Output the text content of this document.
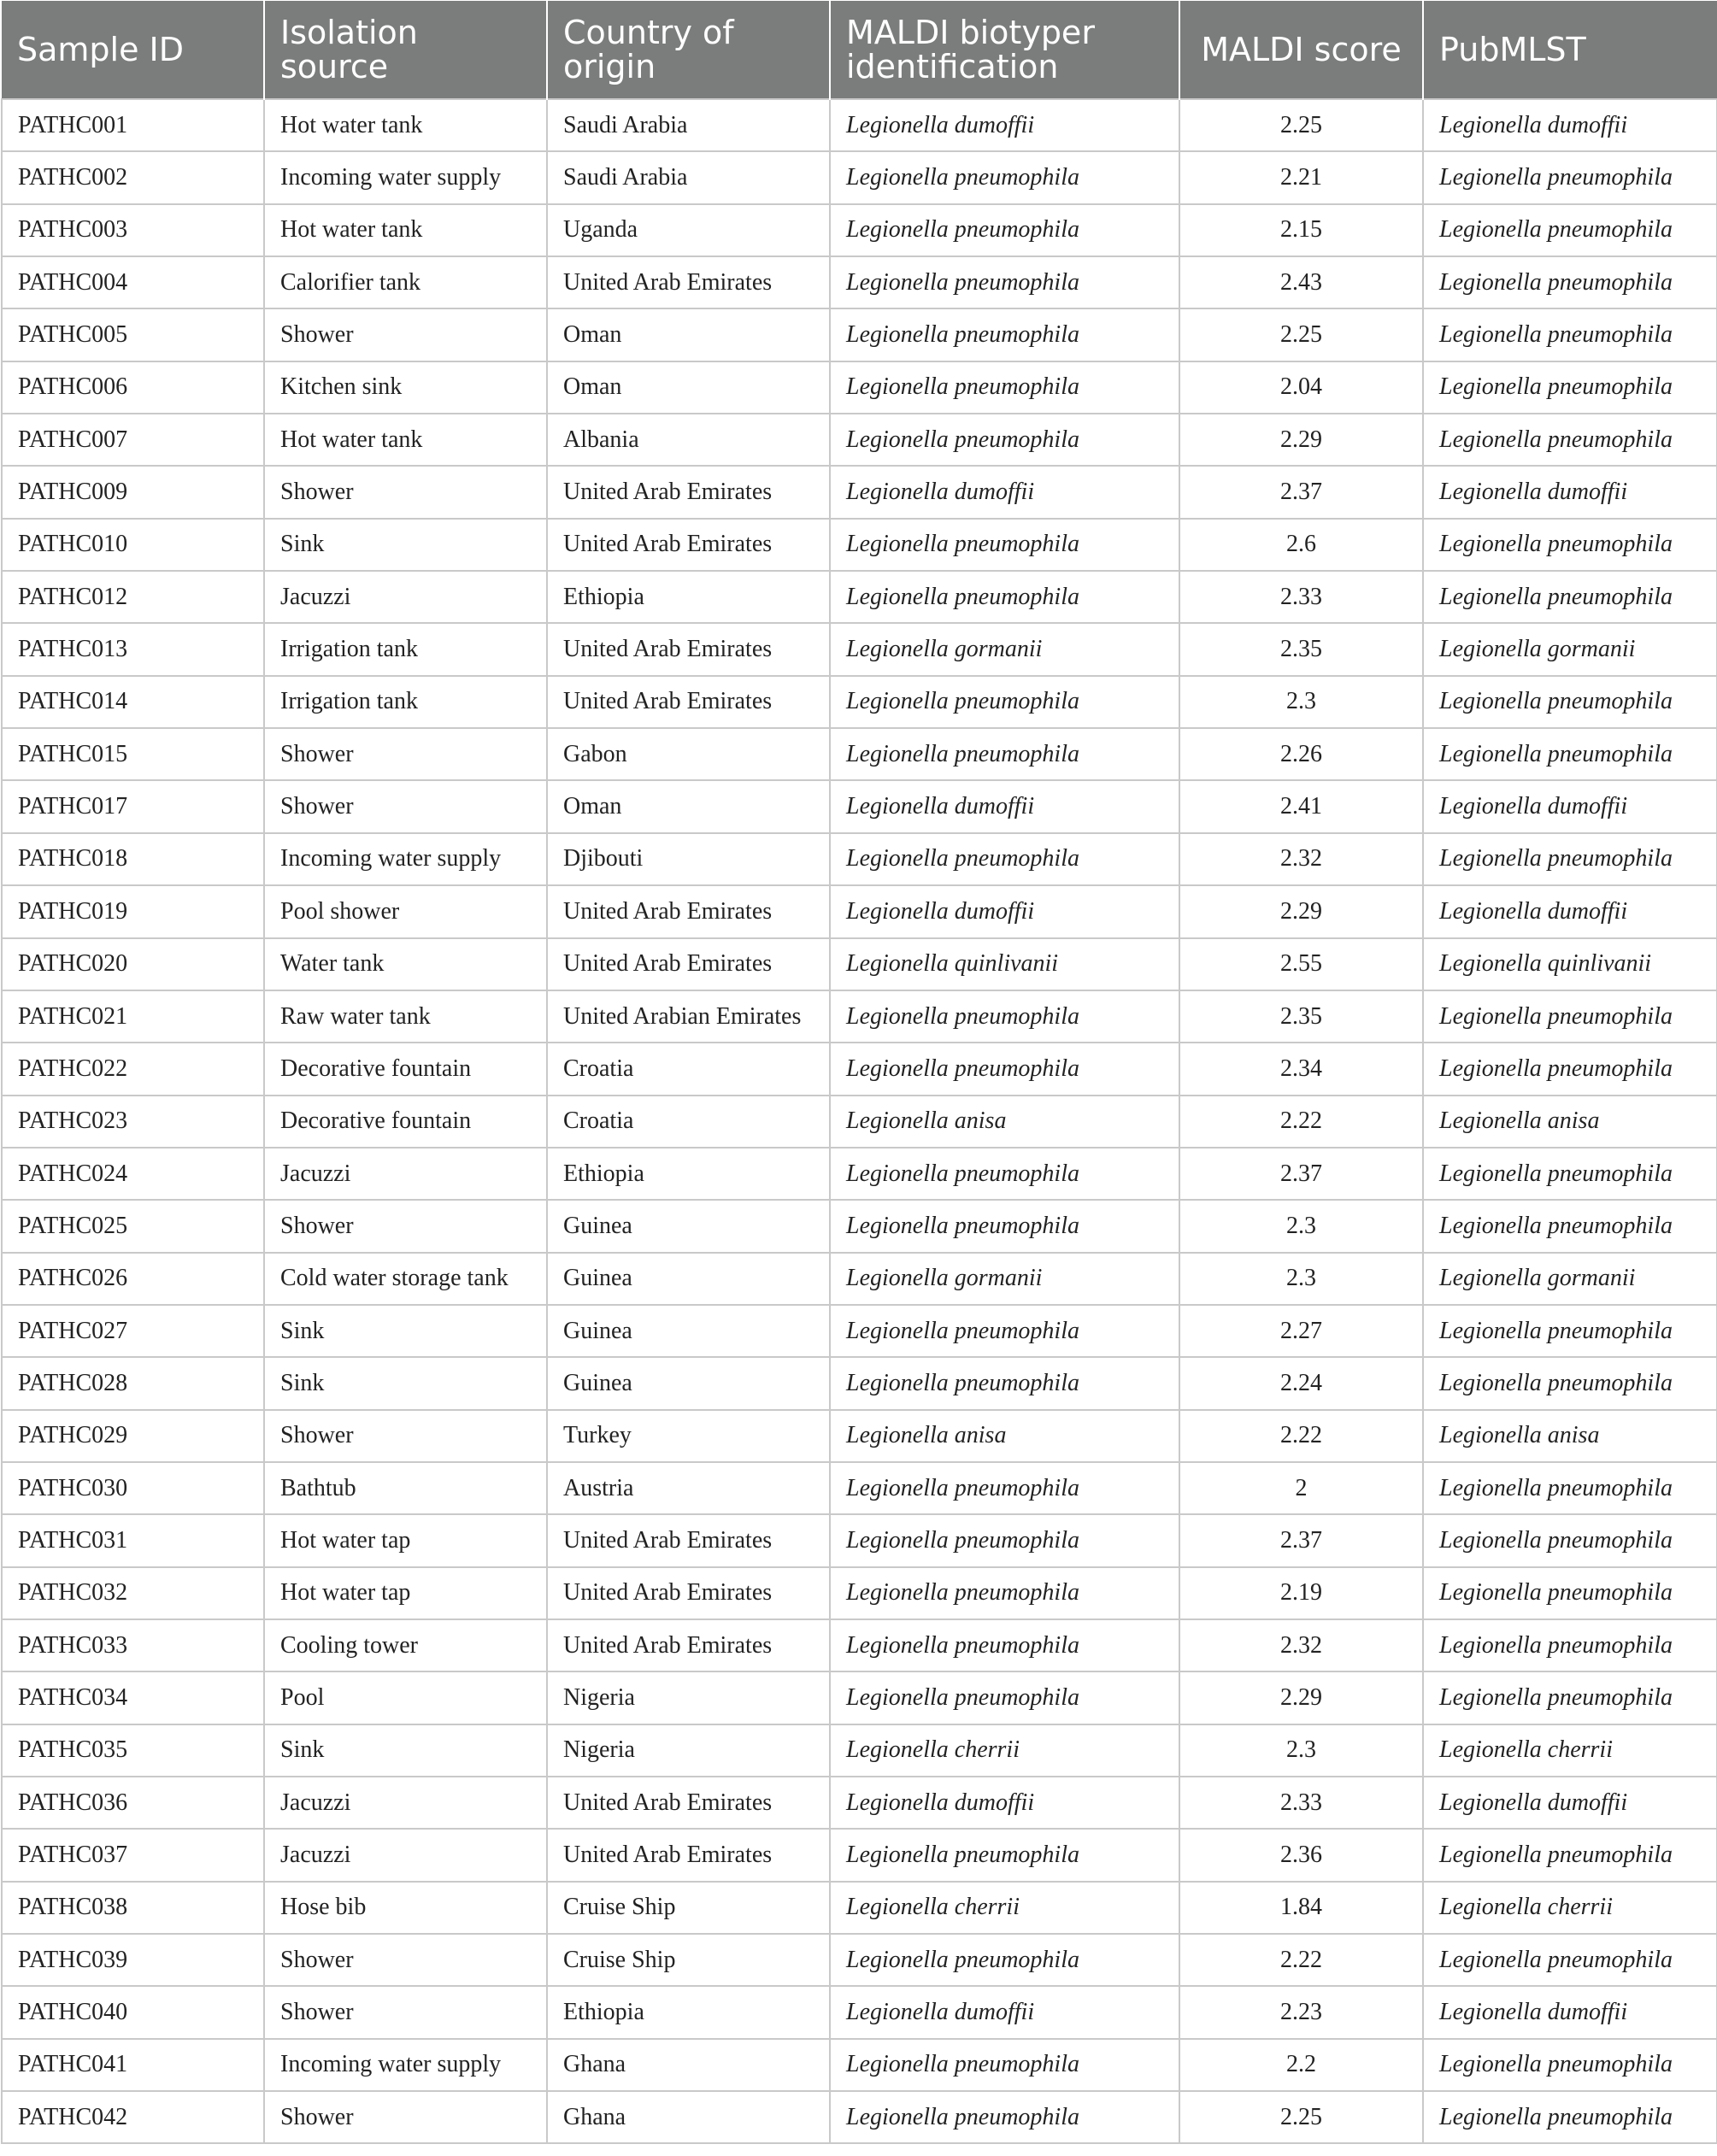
Sample ID	Isolation source	Country of origin	MALDI biotyper identification	MALDI score	PubMLST
PATHC001	Hot water tank	Saudi Arabia	Legionella dumoffii	2.25	Legionella dumoffii
PATHC002	Incoming water supply	Saudi Arabia	Legionella pneumophila	2.21	Legionella pneumophila
PATHC003	Hot water tank	Uganda	Legionella pneumophila	2.15	Legionella pneumophila
PATHC004	Calorifier tank	United Arab Emirates	Legionella pneumophila	2.43	Legionella pneumophila
PATHC005	Shower	Oman	Legionella pneumophila	2.25	Legionella pneumophila
PATHC006	Kitchen sink	Oman	Legionella pneumophila	2.04	Legionella pneumophila
PATHC007	Hot water tank	Albania	Legionella pneumophila	2.29	Legionella pneumophila
PATHC009	Shower	United Arab Emirates	Legionella dumoffii	2.37	Legionella dumoffii
PATHC010	Sink	United Arab Emirates	Legionella pneumophila	2.6	Legionella pneumophila
PATHC012	Jacuzzi	Ethiopia	Legionella pneumophila	2.33	Legionella pneumophila
PATHC013	Irrigation tank	United Arab Emirates	Legionella gormanii	2.35	Legionella gormanii
PATHC014	Irrigation tank	United Arab Emirates	Legionella pneumophila	2.3	Legionella pneumophila
PATHC015	Shower	Gabon	Legionella pneumophila	2.26	Legionella pneumophila
PATHC017	Shower	Oman	Legionella dumoffii	2.41	Legionella dumoffii
PATHC018	Incoming water supply	Djibouti	Legionella pneumophila	2.32	Legionella pneumophila
PATHC019	Pool shower	United Arab Emirates	Legionella dumoffii	2.29	Legionella dumoffii
PATHC020	Water tank	United Arab Emirates	Legionella quinlivanii	2.55	Legionella quinlivanii
PATHC021	Raw water tank	United Arabian Emirates	Legionella pneumophila	2.35	Legionella pneumophila
PATHC022	Decorative fountain	Croatia	Legionella pneumophila	2.34	Legionella pneumophila
PATHC023	Decorative fountain	Croatia	Legionella anisa	2.22	Legionella anisa
PATHC024	Jacuzzi	Ethiopia	Legionella pneumophila	2.37	Legionella pneumophila
PATHC025	Shower	Guinea	Legionella pneumophila	2.3	Legionella pneumophila
PATHC026	Cold water storage tank	Guinea	Legionella gormanii	2.3	Legionella gormanii
PATHC027	Sink	Guinea	Legionella pneumophila	2.27	Legionella pneumophila
PATHC028	Sink	Guinea	Legionella pneumophila	2.24	Legionella pneumophila
PATHC029	Shower	Turkey	Legionella anisa	2.22	Legionella anisa
PATHC030	Bathtub	Austria	Legionella pneumophila	2	Legionella pneumophila
PATHC031	Hot water tap	United Arab Emirates	Legionella pneumophila	2.37	Legionella pneumophila
PATHC032	Hot water tap	United Arab Emirates	Legionella pneumophila	2.19	Legionella pneumophila
PATHC033	Cooling tower	United Arab Emirates	Legionella pneumophila	2.32	Legionella pneumophila
PATHC034	Pool	Nigeria	Legionella pneumophila	2.29	Legionella pneumophila
PATHC035	Sink	Nigeria	Legionella cherrii	2.3	Legionella cherrii
PATHC036	Jacuzzi	United Arab Emirates	Legionella dumoffii	2.33	Legionella dumoffii
PATHC037	Jacuzzi	United Arab Emirates	Legionella pneumophila	2.36	Legionella pneumophila
PATHC038	Hose bib	Cruise Ship	Legionella cherrii	1.84	Legionella cherrii
PATHC039	Shower	Cruise Ship	Legionella pneumophila	2.22	Legionella pneumophila
PATHC040	Shower	Ethiopia	Legionella dumoffii	2.23	Legionella dumoffii
PATHC041	Incoming water supply	Ghana	Legionella pneumophila	2.2	Legionella pneumophila
PATHC042	Shower	Ghana	Legionella pneumophila	2.25	Legionella pneumophila
